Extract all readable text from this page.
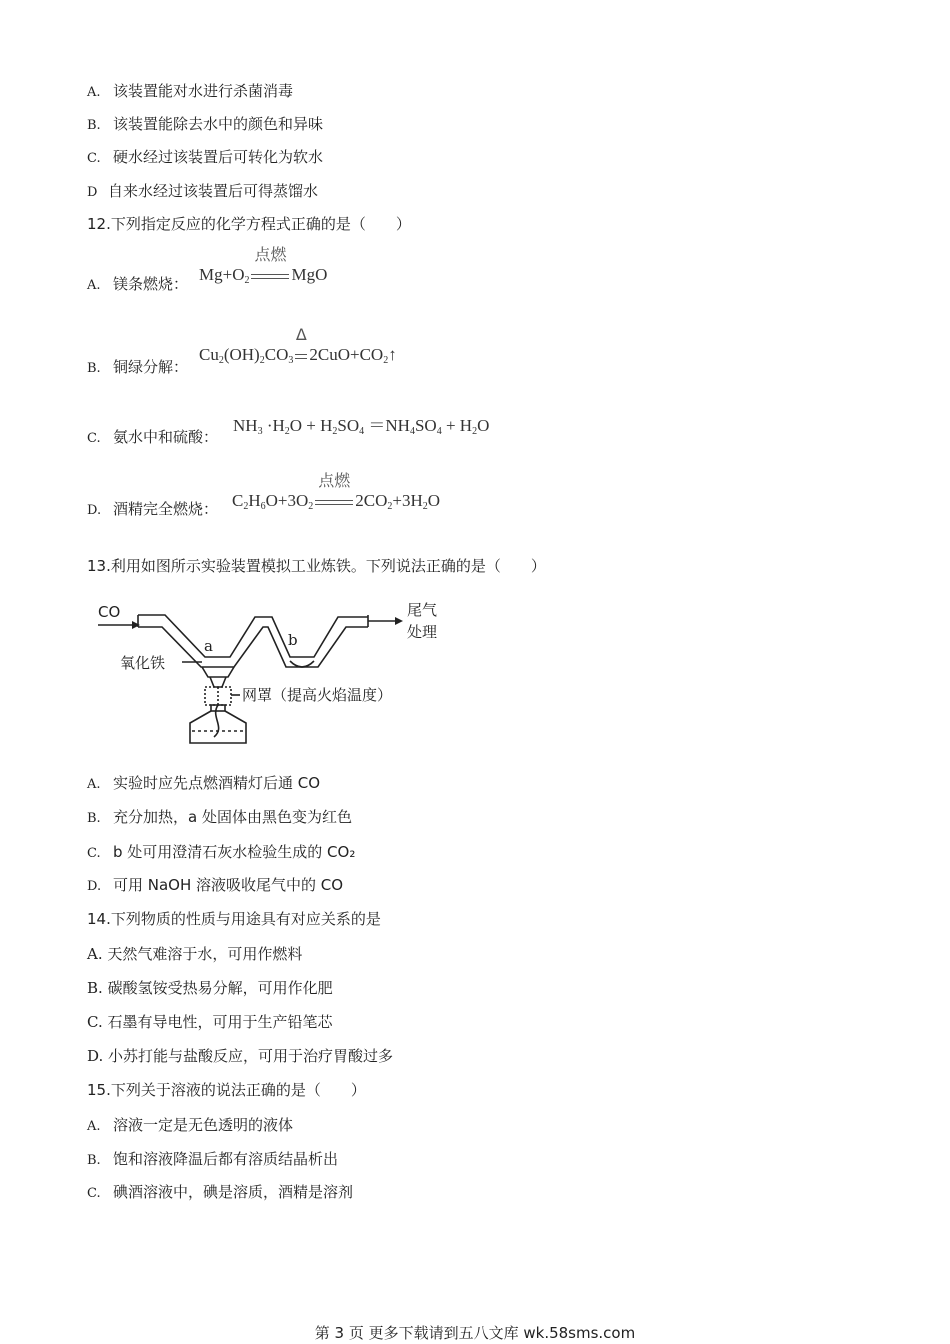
A. 该装置能对水进行杀菌消毒
B. 该装置能除去水中的颜色和异味
C. 硬水经过该装置后可转化为软水
D 自来水经过该装置后可得蒸馏水
12.下列指定反应的化学方程式正确的是（　　）
A. 镁条燃烧： $Mg+O_2$
点燃
MgO
B. 铜绿分解：
$Cu_2(OH)_2CO_3$
Δ
$2CuO+CO_2↑$
C. 氨水中和硫酸：
$NH_3 \cdot H_2O + H_2SO_4 =NH_4SO_4 + H_2O$
D. 酒精完全燃烧： $C_2H_6O+3O_2$
点燃
$2CO_2+3H_2O$
13.利用如图所示实验装置模拟工业炼铁。下列说法正确的是（　　）
CO
a	b
尾气
处理
氧化铁
网罩（提高火焰温度）
A. 实验时应先点燃酒精灯后通 CO
B. 充分加热，a 处固体由黑色变为红色
C. b 处可用澄清石灰水检验生成的 CO₂
D. 可用 NaOH 溶液吸收尾气中的 CO
14.下列物质的性质与用途具有对应关系的是
A. 天然气难溶于水，可用作燃料
B. 碳酸氢铵受热易分解，可用作化肥
C. 石墨有导电性，可用于生产铅笔芯
D. 小苏打能与盐酸反应，可用于治疗胃酸过多
15.下列关于溶液的说法正确的是（　　）
A. 溶液一定是无色透明的液体
B. 饱和溶液降温后都有溶质结晶析出
C. 碘酒溶液中，碘是溶质，酒精是溶剂
第 3 页 更多下载请到五八文库 wk.58sms.com
